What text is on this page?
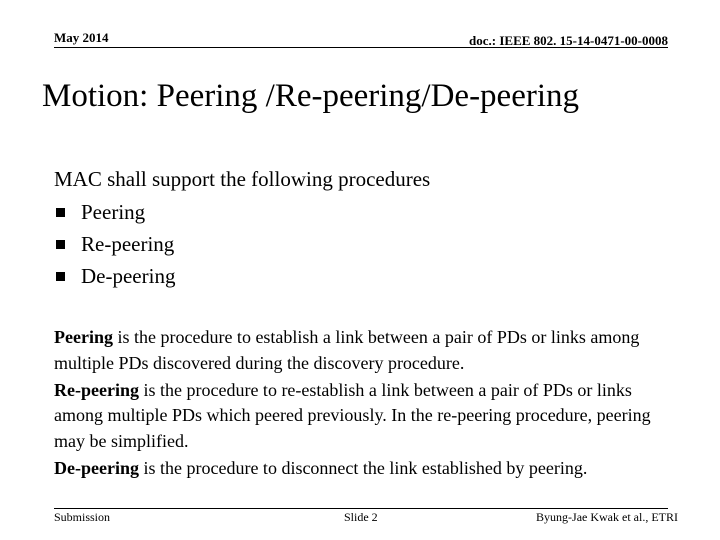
May 2014	doc.: IEEE 802. 15-14-0471-00-0008
Motion: Peering /Re-peering/De-peering
MAC shall support the following procedures
Peering
Re-peering
De-peering

Peering is the procedure to establish a link between a pair of PDs or links among multiple PDs discovered during the discovery procedure.

Re-peering is the procedure to re-establish a link between a pair of PDs or links among multiple PDs which peered previously. In the re-peering procedure, peering may be simplified.

De-peering is the procedure to disconnect the link established by peering.

Submission	Slide 2	Byung-Jae Kwak et al., ETRI
